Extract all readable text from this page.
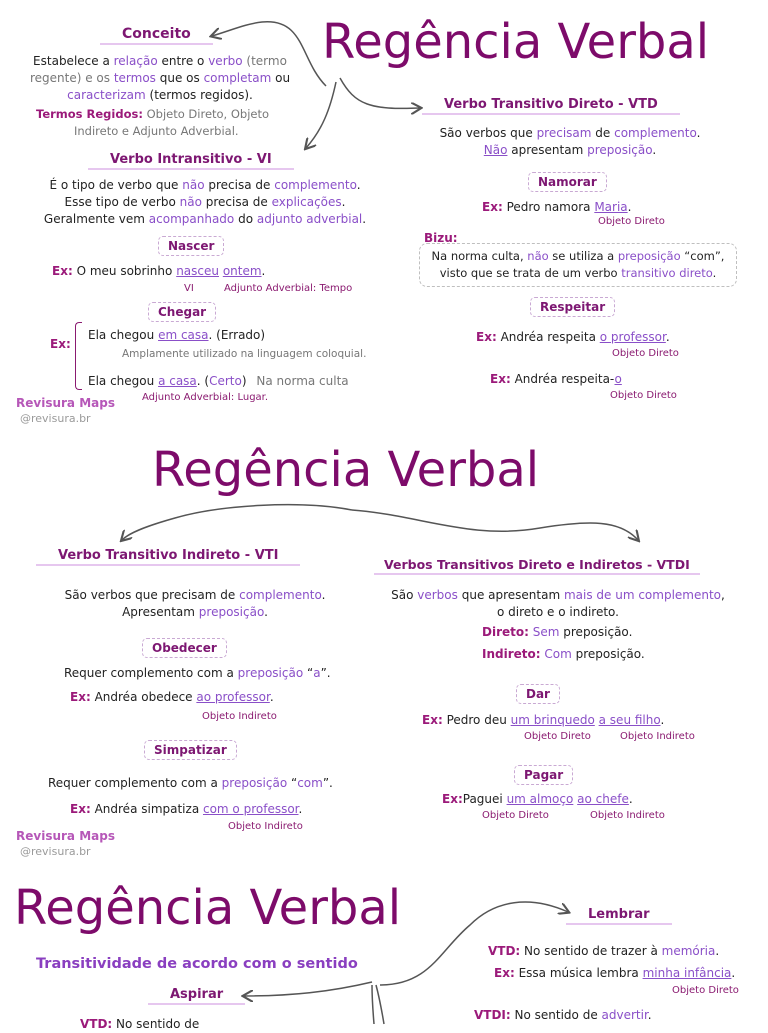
Regência Verbal
Conceito
Estabelece a relação entre o verbo (termo
regente) e os termos que os completam ou
caracterizam (termos regidos).
Termos Regidos: Objeto Direto, Objeto
Indireto e Adjunto Adverbial.
Verbo Intransitivo - VI
É o tipo de verbo que não precisa de complemento.
Esse tipo de verbo não precisa de explicações.
Geralmente vem acompanhado do adjunto adverbial.
Nascer
Ex: O meu sobrinho nasceu ontem.
VI	Adjunto Adverbial: Tempo
Chegar
Ex:
Ela chegou em casa. (Errado)
Amplamente utilizado na linguagem coloquial.
Ela chegou a casa. (Certo) Na norma culta
Adjunto Adverbial: Lugar.
Revisura Maps
@revisura.br
Verbo Transitivo Direto - VTD
São verbos que precisam de complemento.
Não apresentam preposição.
Namorar
Ex: Pedro namora Maria.
Objeto Direto
Bizu:
Na norma culta, não se utiliza a preposição “com”,
visto que se trata de um verbo transitivo direto.
Respeitar
Ex: Andréa respeita o professor.
Objeto Direto
Ex: Andréa respeita-o
Objeto Direto
Regência Verbal
Verbo Transitivo Indireto - VTI
São verbos que precisam de complemento.
Apresentam preposição.
Obedecer
Requer complemento com a preposição “a”.
Ex: Andréa obedece ao professor.
Objeto Indireto
Simpatizar
Requer complemento com a preposição “com”.
Ex: Andréa simpatiza com o professor.
Objeto Indireto
Revisura Maps
@revisura.br
Verbos Transitivos Direto e Indiretos - VTDI
São verbos que apresentam mais de um complemento,
o direto e o indireto.
Direto: Sem preposição.
Indireto: Com preposição.
Dar
Ex: Pedro deu um brinquedo a seu filho.
Objeto Direto	Objeto Indireto
Pagar
Ex:Paguei um almoço ao chefe.
Objeto Direto	Objeto Indireto
Regência Verbal
Transitividade de acordo com o sentido
Aspirar
VTD: No sentido de
Lembrar
VTD: No sentido de trazer à memória.
Ex: Essa música lembra minha infância.
Objeto Direto
VTDI: No sentido de advertir.
